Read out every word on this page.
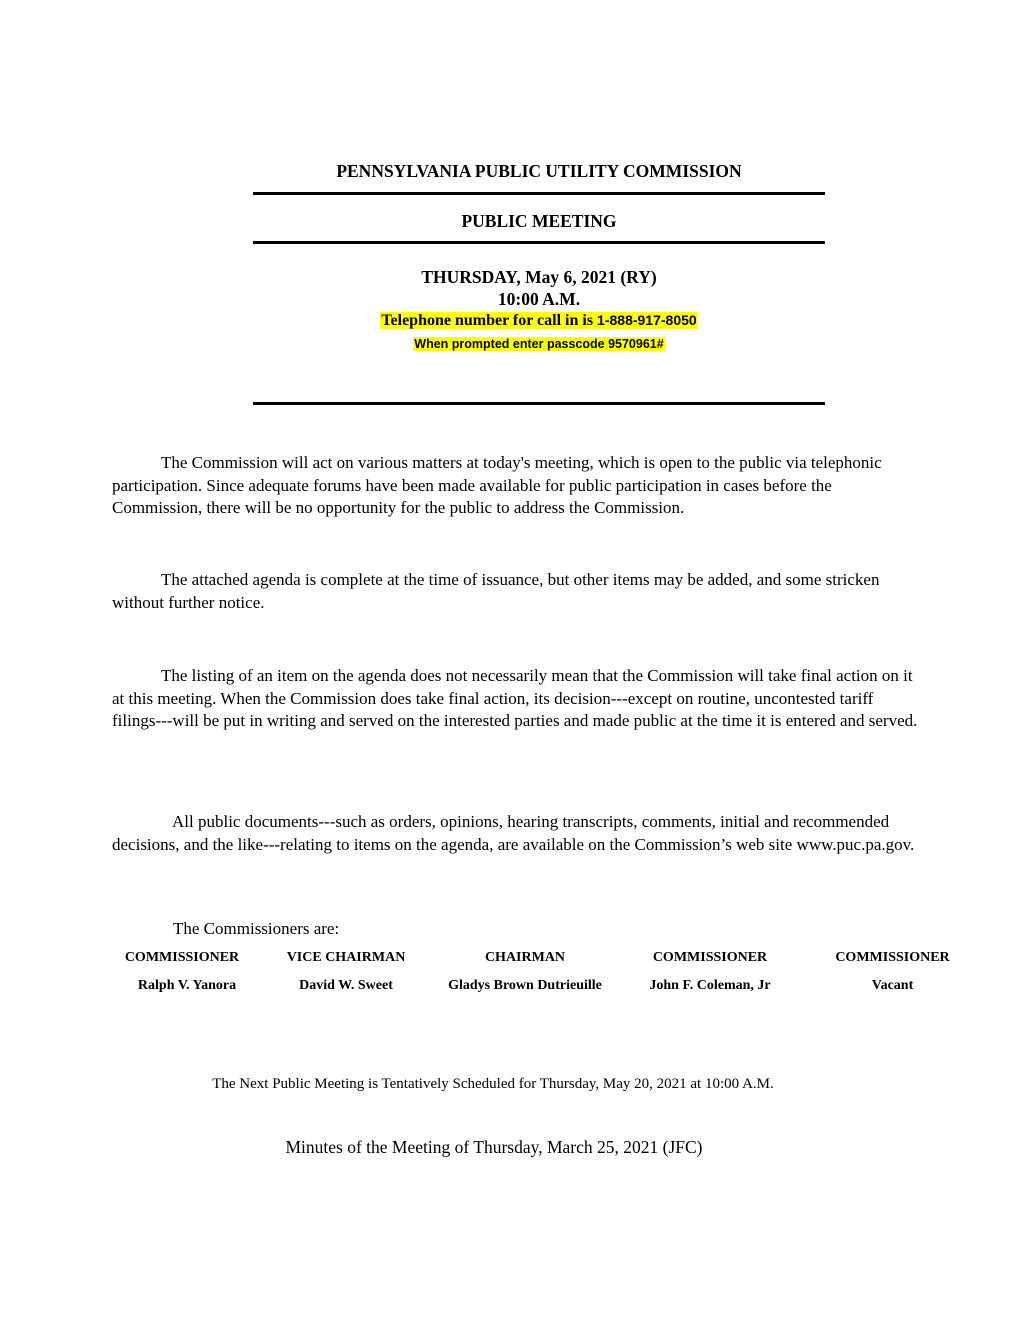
PENNSYLVANIA PUBLIC UTILITY COMMISSION
PUBLIC MEETING
THURSDAY, May 6, 2021 (RY)
10:00 A.M.
Telephone number for call in is 1-888-917-8050
When prompted enter passcode 9570961#
The Commission will act on various matters at today's meeting, which is open to the public via telephonic participation. Since adequate forums have been made available for public participation in cases before the Commission, there will be no opportunity for the public to address the Commission.
The attached agenda is complete at the time of issuance, but other items may be added, and some stricken without further notice.
The listing of an item on the agenda does not necessarily mean that the Commission will take final action on it at this meeting. When the Commission does take final action, its decision---except on routine, uncontested tariff filings---will be put in writing and served on the interested parties and made public at the time it is entered and served.
All public documents---such as orders, opinions, hearing transcripts, comments, initial and recommended decisions, and the like---relating to items on the agenda, are available on the Commission’s web site www.puc.pa.gov.
The Commissioners are:
COMMISSIONER	VICE CHAIRMAN	CHAIRMAN	COMMISSIONER	COMMISSIONER
Ralph V. Yanora	David W. Sweet	Gladys Brown Dutrieuille	John F. Coleman, Jr	Vacant
The Next Public Meeting is Tentatively Scheduled for Thursday, May 20, 2021 at 10:00 A.M.
Minutes of the Meeting of Thursday, March 25, 2021 (JFC)
